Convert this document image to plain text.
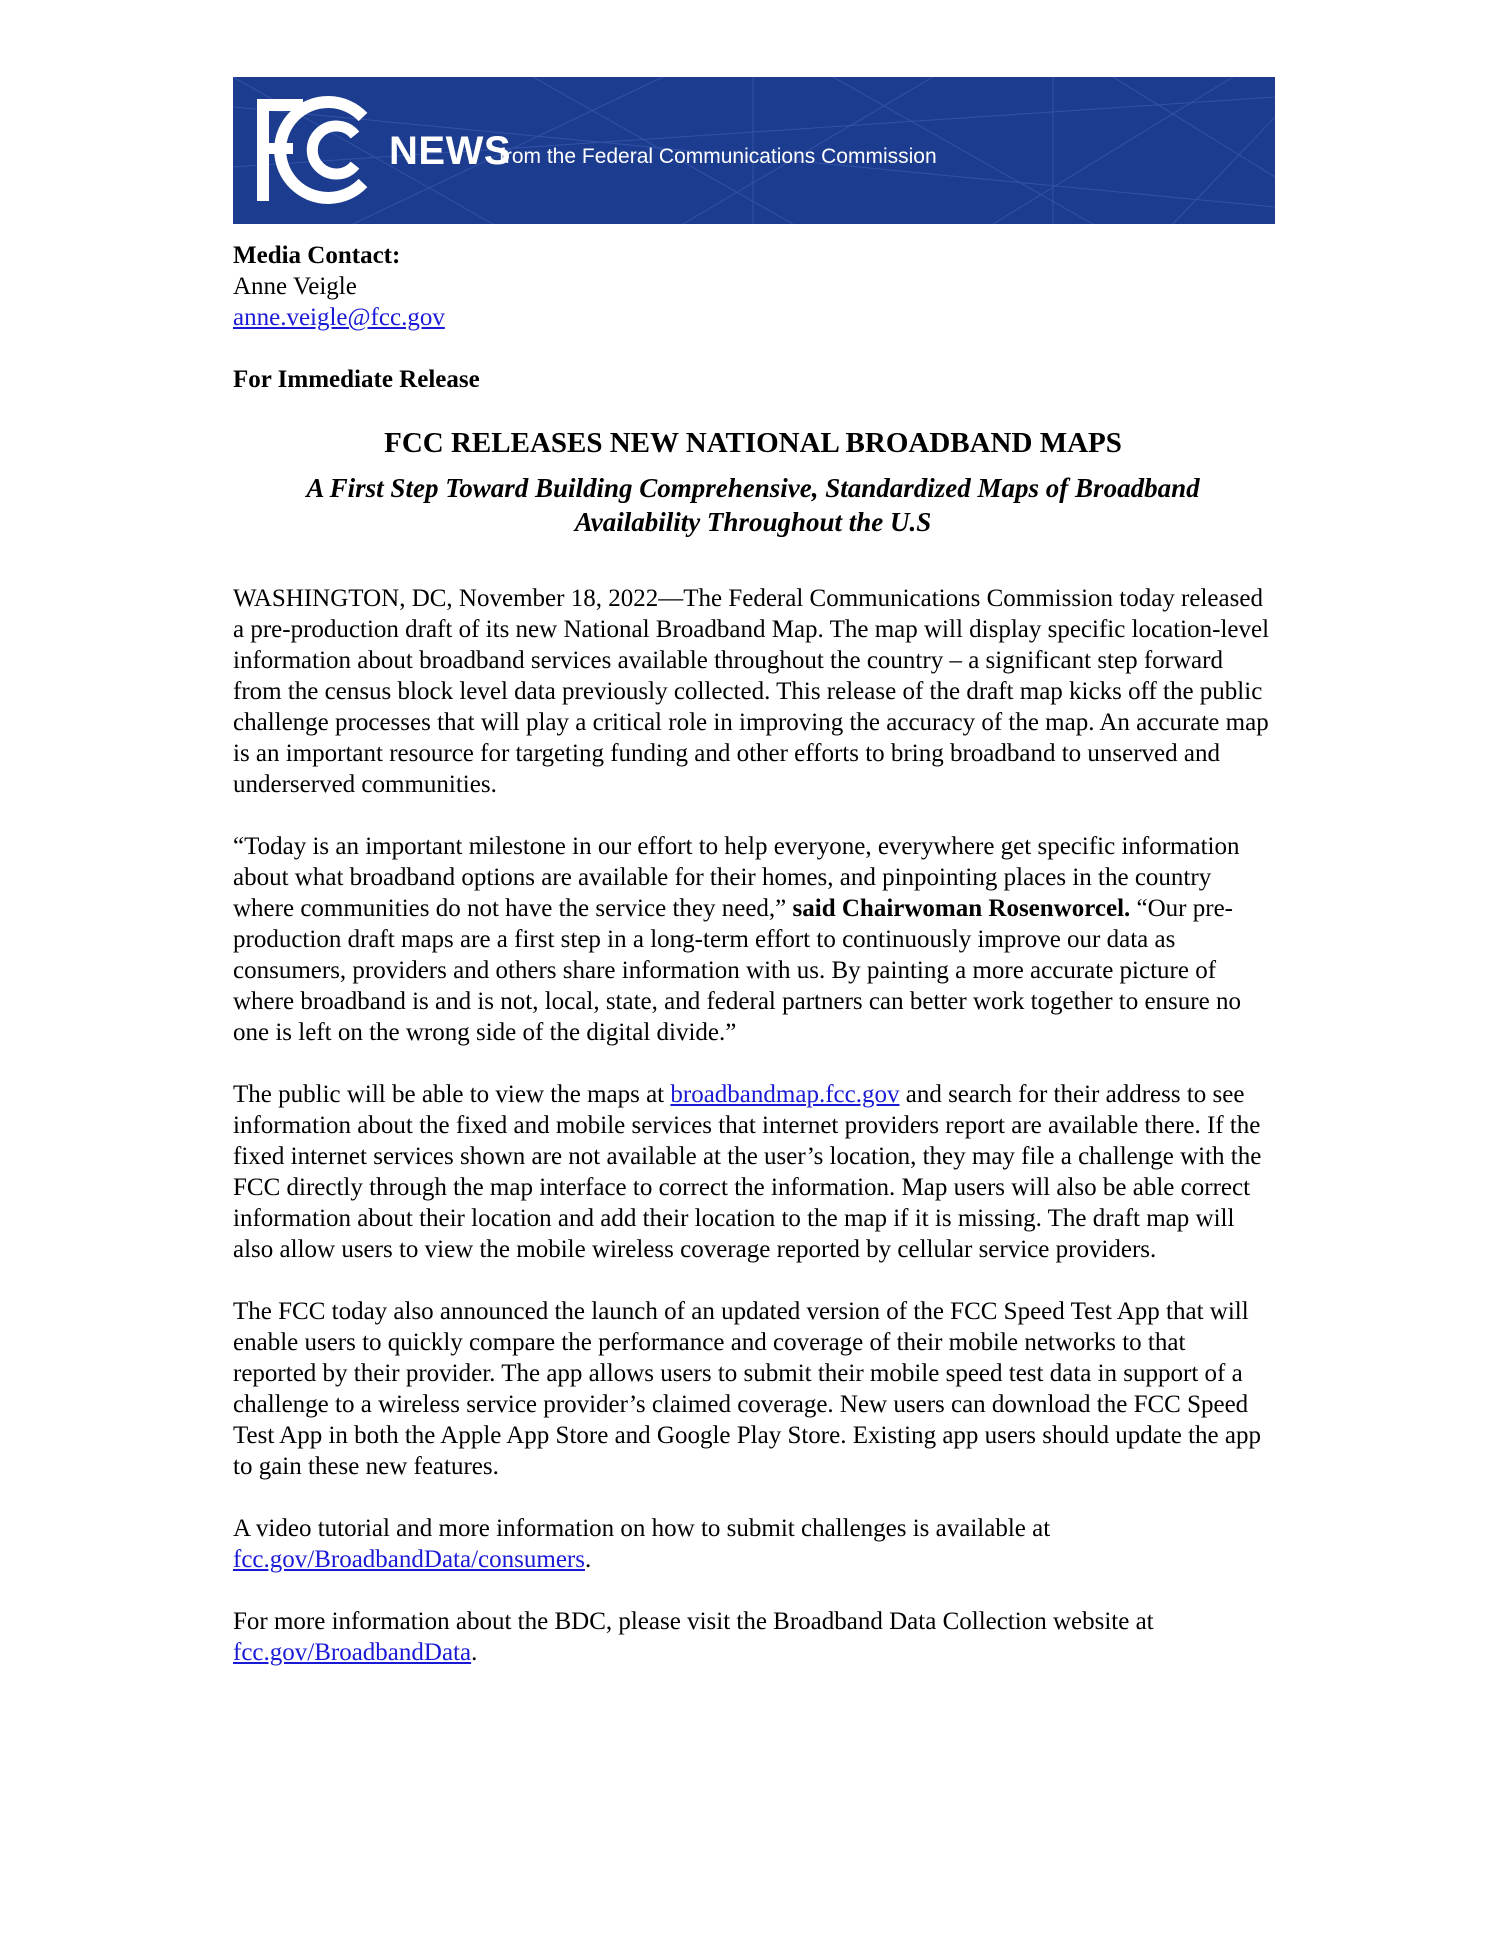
NEWS
from the Federal Communications Commission

Media Contact:

Anne Veigle

anne.veigle@fcc.gov

For Immediate Release

FCC RELEASES NEW NATIONAL BROADBAND MAPS
A First Step Toward Building Comprehensive, Standardized Maps of Broadband Availability Throughout the U.S

WASHINGTON, DC, November 18, 2022—The Federal Communications Commission today released a pre-production draft of its new National Broadband Map. The map will display specific location-level information about broadband services available throughout the country – a significant step forward from the census block level data previously collected. This release of the draft map kicks off the public challenge processes that will play a critical role in improving the accuracy of the map. An accurate map is an important resource for targeting funding and other efforts to bring broadband to unserved and underserved communities.

“Today is an important milestone in our effort to help everyone, everywhere get specific information about what broadband options are available for their homes, and pinpointing places in the country where communities do not have the service they need,” said Chairwoman Rosenworcel. “Our pre-production draft maps are a first step in a long-term effort to continuously improve our data as consumers, providers and others share information with us. By painting a more accurate picture of where broadband is and is not, local, state, and federal partners can better work together to ensure no one is left on the wrong side of the digital divide.”

The public will be able to view the maps at broadbandmap.fcc.gov and search for their address to see information about the fixed and mobile services that internet providers report are available there. If the fixed internet services shown are not available at the user’s location, they may file a challenge with the FCC directly through the map interface to correct the information. Map users will also be able correct information about their location and add their location to the map if it is missing. The draft map will also allow users to view the mobile wireless coverage reported by cellular service providers.

The FCC today also announced the launch of an updated version of the FCC Speed Test App that will enable users to quickly compare the performance and coverage of their mobile networks to that reported by their provider. The app allows users to submit their mobile speed test data in support of a challenge to a wireless service provider’s claimed coverage. New users can download the FCC Speed Test App in both the Apple App Store and Google Play Store. Existing app users should update the app to gain these new features.

A video tutorial and more information on how to submit challenges is available at
fcc.gov/BroadbandData/consumers.

For more information about the BDC, please visit the Broadband Data Collection website at
fcc.gov/BroadbandData.
